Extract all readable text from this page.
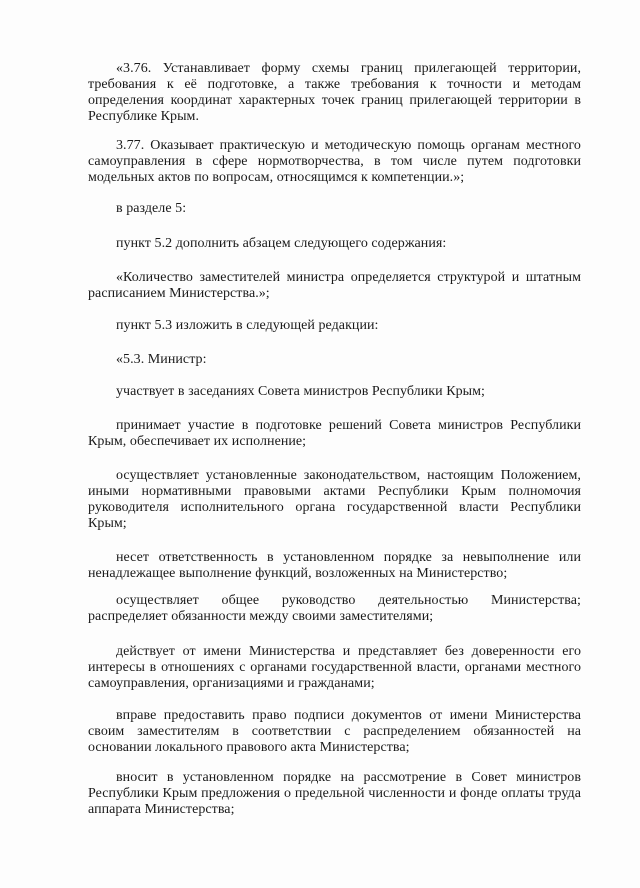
«3.76. Устанавливает форму схемы границ прилегающей территории, требования к её подготовке, а также требования к точности и методам определения координат характерных точек границ прилегающей территории в Республике Крым.

3.77. Оказывает практическую и методическую помощь органам местного самоуправления в сфере нормотворчества, в том числе путем подготовки модельных актов по вопросам, относящимся к компетенции.»;

в разделе 5:

пункт 5.2 дополнить абзацем следующего содержания:

«Количество заместителей министра определяется структурой и штатным расписанием Министерства.»;

пункт 5.3 изложить в следующей редакции:

«5.3. Министр:

участвует в заседаниях Совета министров Республики Крым;

принимает участие в подготовке решений Совета министров Республики Крым, обеспечивает их исполнение;

осуществляет установленные законодательством, настоящим Положением, иными нормативными правовыми актами Республики Крым полномочия руководителя исполнительного органа государственной власти Республики Крым;

несет ответственность в установленном порядке за невыполнение или ненадлежащее выполнение функций, возложенных на Министерство;

осуществляет общее руководство деятельностью Министерства; распределяет обязанности между своими заместителями;

действует от имени Министерства и представляет без доверенности его интересы в отношениях с органами государственной власти, органами местного самоуправления, организациями и гражданами;

вправе предоставить право подписи документов от имени Министерства своим заместителям в соответствии с распределением обязанностей на основании локального правового акта Министерства;

вносит в установленном порядке на рассмотрение в Совет министров Республики Крым предложения о предельной численности и фонде оплаты труда аппарата Министерства;
